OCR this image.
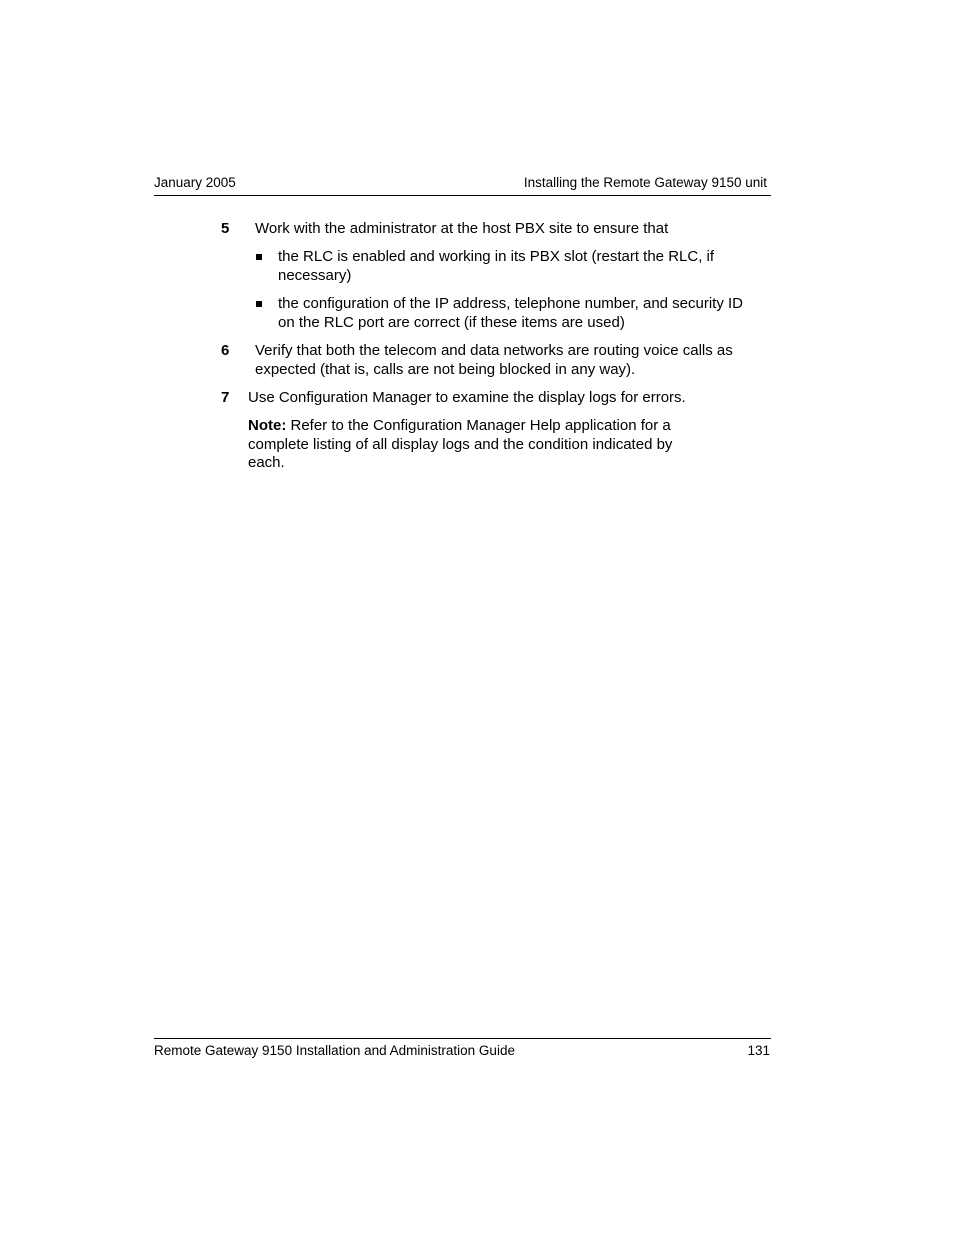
January 2005	Installing the Remote Gateway 9150 unit
5 Work with the administrator at the host PBX site to ensure that
the RLC is enabled and working in its PBX slot (restart the RLC, if
necessary)
the configuration of the IP address, telephone number, and security ID
on the RLC port are correct (if these items are used)
6 Verify that both the telecom and data networks are routing voice calls as
expected (that is, calls are not being blocked in any way).
7 Use Configuration Manager to examine the display logs for errors.
Note: Refer to the Configuration Manager Help application for a
complete listing of all display logs and the condition indicated by
each.
Remote Gateway 9150 Installation and Administration Guide	131
